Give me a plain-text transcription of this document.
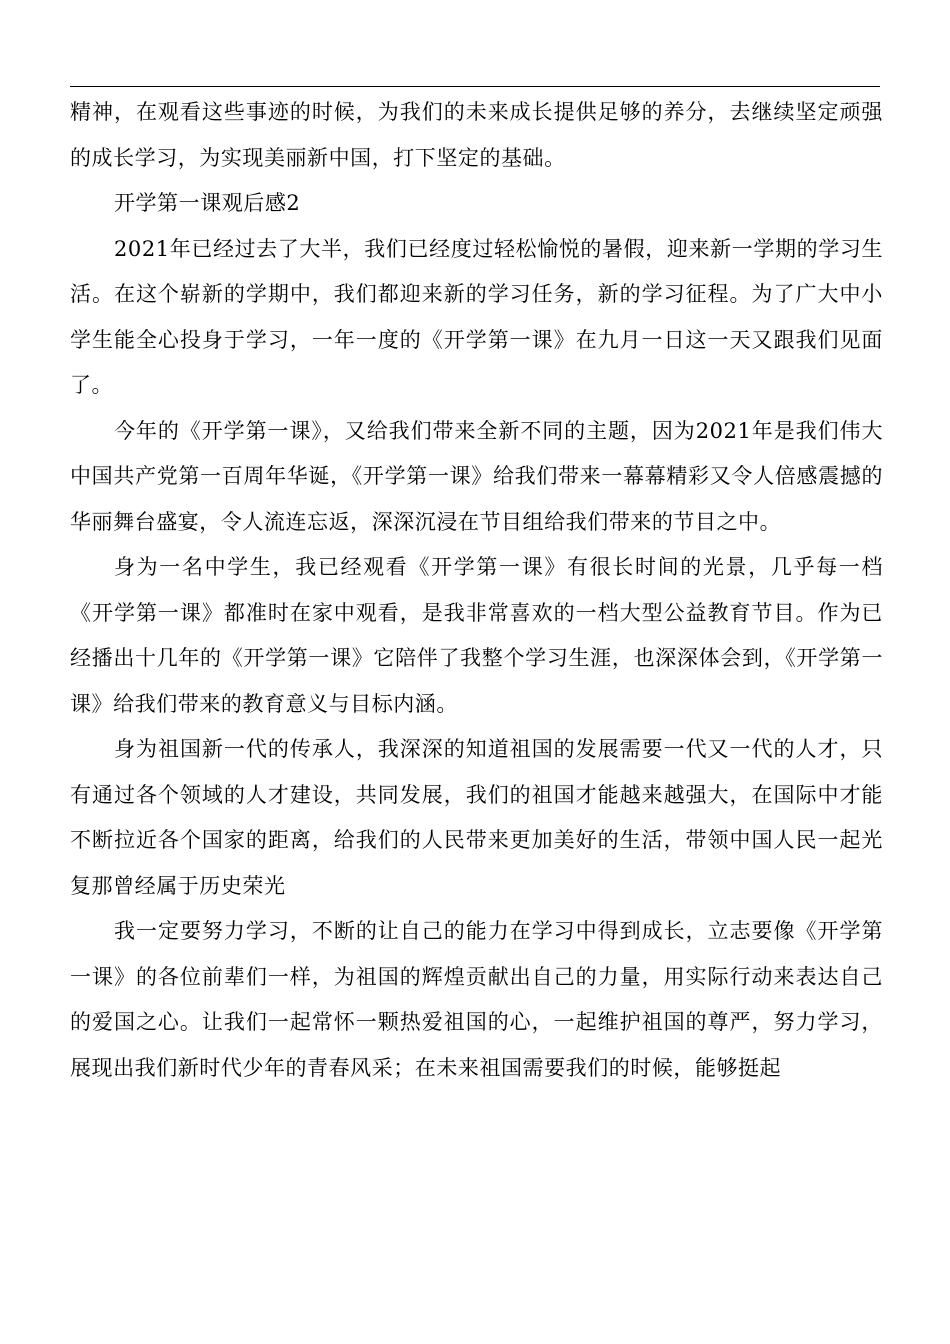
精神，在观看这些事迹的时候，为我们的未来成长提供足够的养分，去继续坚定顽强的成长学习，为实现美丽新中国，打下坚定的基础。

开学第一课观后感2

2021年已经过去了大半，我们已经度过轻松愉悦的暑假，迎来新一学期的学习生活。在这个崭新的学期中，我们都迎来新的学习任务，新的学习征程。为了广大中小学生能全心投身于学习，一年一度的《开学第一课》在九月一日这一天又跟我们见面了。

今年的《开学第一课》，又给我们带来全新不同的主题，因为2021年是我们伟大中国共产党第一百周年华诞，《开学第一课》给我们带来一幕幕精彩又令人倍感震撼的华丽舞台盛宴，令人流连忘返，深深沉浸在节目组给我们带来的节目之中。

身为一名中学生，我已经观看《开学第一课》有很长时间的光景，几乎每一档《开学第一课》都准时在家中观看，是我非常喜欢的一档大型公益教育节目。作为已经播出十几年的《开学第一课》它陪伴了我整个学习生涯，也深深体会到，《开学第一课》给我们带来的教育意义与目标内涵。

身为祖国新一代的传承人，我深深的知道祖国的发展需要一代又一代的人才，只有通过各个领域的人才建设，共同发展，我们的祖国才能越来越强大，在国际中才能不断拉近各个国家的距离，给我们的人民带来更加美好的生活，带领中国人民一起光复那曾经属于历史荣光

我一定要努力学习，不断的让自己的能力在学习中得到成长，立志要像《开学第一课》的各位前辈们一样，为祖国的辉煌贡献出自己的力量，用实际行动来表达自己的爱国之心。让我们一起常怀一颗热爱祖国的心，一起维护祖国的尊严，努力学习，展现出我们新时代少年的青春风采；在未来祖国需要我们的时候，能够挺起
